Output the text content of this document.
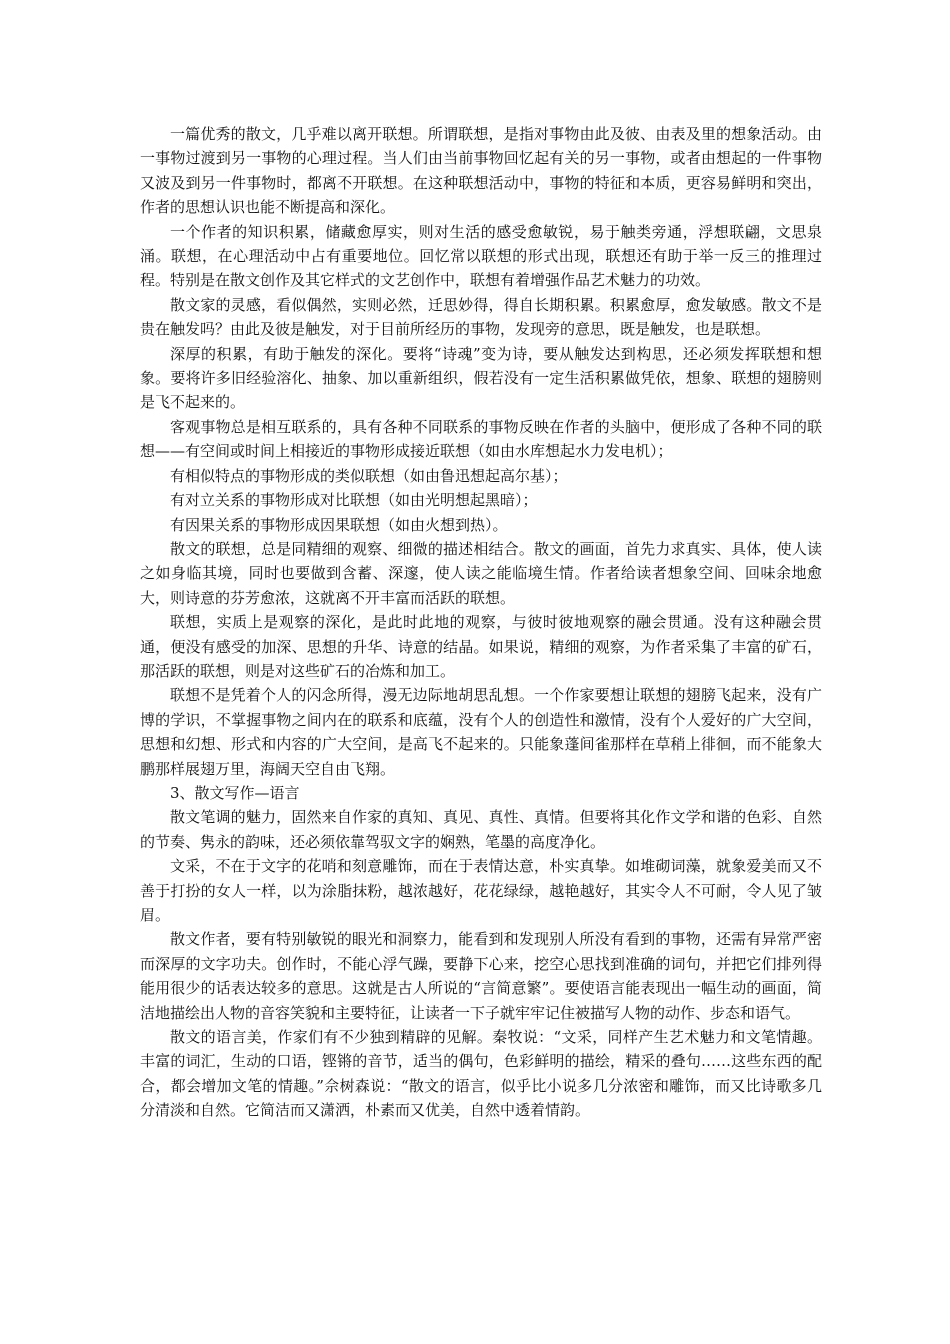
一篇优秀的散文，几乎难以离开联想。所谓联想，是指对事物由此及彼、由表及里的想象活动。由一事物过渡到另一事物的心理过程。当人们由当前事物回忆起有关的另一事物，或者由想起的一件事物又波及到另一件事物时，都离不开联想。在这种联想活动中，事物的特征和本质，更容易鲜明和突出，作者的思想认识也能不断提高和深化。

一个作者的知识积累，储藏愈厚实，则对生活的感受愈敏锐，易于触类旁通，浮想联翩，文思泉涌。联想，在心理活动中占有重要地位。回忆常以联想的形式出现，联想还有助于举一反三的推理过程。特别是在散文创作及其它样式的文艺创作中，联想有着增强作品艺术魅力的功效。

散文家的灵感，看似偶然，实则必然，迁思妙得，得自长期积累。积累愈厚，愈发敏感。散文不是贵在触发吗？由此及彼是触发，对于目前所经历的事物，发现旁的意思，既是触发，也是联想。

深厚的积累，有助于触发的深化。要将“诗魂”变为诗，要从触发达到构思，还必须发挥联想和想象。要将许多旧经验溶化、抽象、加以重新组织，假若没有一定生活积累做凭依，想象、联想的翅膀则是飞不起来的。

客观事物总是相互联系的，具有各种不同联系的事物反映在作者的头脑中，便形成了各种不同的联想——有空间或时间上相接近的事物形成接近联想（如由水库想起水力发电机）；

有相似特点的事物形成的类似联想（如由鲁迅想起高尔基）；

有对立关系的事物形成对比联想（如由光明想起黑暗）；

有因果关系的事物形成因果联想（如由火想到热）。

散文的联想，总是同精细的观察、细微的描述相结合。散文的画面，首先力求真实、具体，使人读之如身临其境，同时也要做到含蓄、深邃，使人读之能临境生情。作者给读者想象空间、回味余地愈大，则诗意的芬芳愈浓，这就离不开丰富而活跃的联想。

联想，实质上是观察的深化，是此时此地的观察，与彼时彼地观察的融会贯通。没有这种融会贯通，便没有感受的加深、思想的升华、诗意的结晶。如果说，精细的观察，为作者采集了丰富的矿石，那活跃的联想，则是对这些矿石的冶炼和加工。

联想不是凭着个人的闪念所得，漫无边际地胡思乱想。一个作家要想让联想的翅膀飞起来，没有广博的学识，不掌握事物之间内在的联系和底蕴，没有个人的创造性和激情，没有个人爱好的广大空间，思想和幻想、形式和内容的广大空间，是高飞不起来的。只能象蓬间雀那样在草稍上徘徊，而不能象大鹏那样展翅万里，海阔天空自由飞翔。

3、散文写作—语言

散文笔调的魅力，固然来自作家的真知、真见、真性、真情。但要将其化作文学和谐的色彩、自然的节奏、隽永的韵味，还必须依靠驾驭文字的娴熟，笔墨的高度净化。

文采，不在于文字的花哨和刻意雕饰，而在于表情达意，朴实真挚。如堆砌词藻，就象爱美而又不善于打扮的女人一样，以为涂脂抹粉，越浓越好，花花绿绿，越艳越好，其实令人不可耐，令人见了皱眉。

散文作者，要有特别敏锐的眼光和洞察力，能看到和发现别人所没有看到的事物，还需有异常严密而深厚的文字功夫。创作时，不能心浮气躁，要静下心来，挖空心思找到准确的词句，并把它们排列得能用很少的话表达较多的意思。这就是古人所说的“言简意繁”。要使语言能表现出一幅生动的画面，简洁地描绘出人物的音容笑貌和主要特征，让读者一下子就牢牢记住被描写人物的动作、步态和语气。

散文的语言美，作家们有不少独到精辟的见解。秦牧说：“文采，同样产生艺术魅力和文笔情趣。丰富的词汇，生动的口语，铿锵的音节，适当的偶句，色彩鲜明的描绘，精采的叠句……这些东西的配合，都会增加文笔的情趣。”佘树森说：“散文的语言，似乎比小说多几分浓密和雕饰，而又比诗歌多几分清淡和自然。它简洁而又潇洒，朴素而又优美，自然中透着情韵。
